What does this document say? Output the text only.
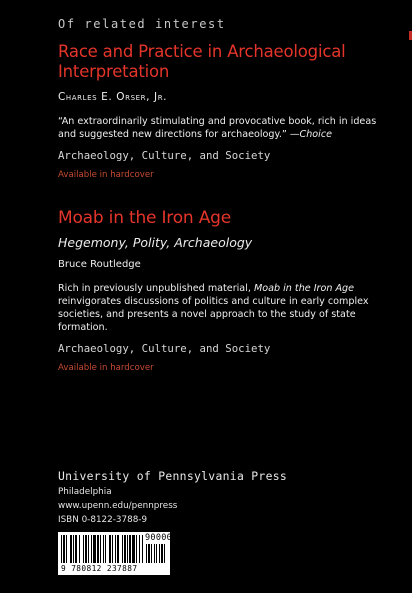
Of related interest
Race and Practice in Archaeological
Interpretation

Charles E. Orser, Jr.

“An extraordinarily stimulating and provocative book, rich in ideas and suggested new directions for archaeology.” —Choice

Archaeology, Culture, and Society

Available in hardcover

Moab in the Iron Age

Hegemony, Polity, Archaeology

Bruce Routledge

Rich in previously unpublished material, Moab in the Iron Age reinvigorates discussions of politics and culture in early complex societies, and presents a novel approach to the study of state formation.

Archaeology, Culture, and Society

Available in hardcover

University of Pennsylvania Press

Philadelphia

www.upenn.edu/pennpress

ISBN 0-8122-3788-9

90000
9 780812 237887
